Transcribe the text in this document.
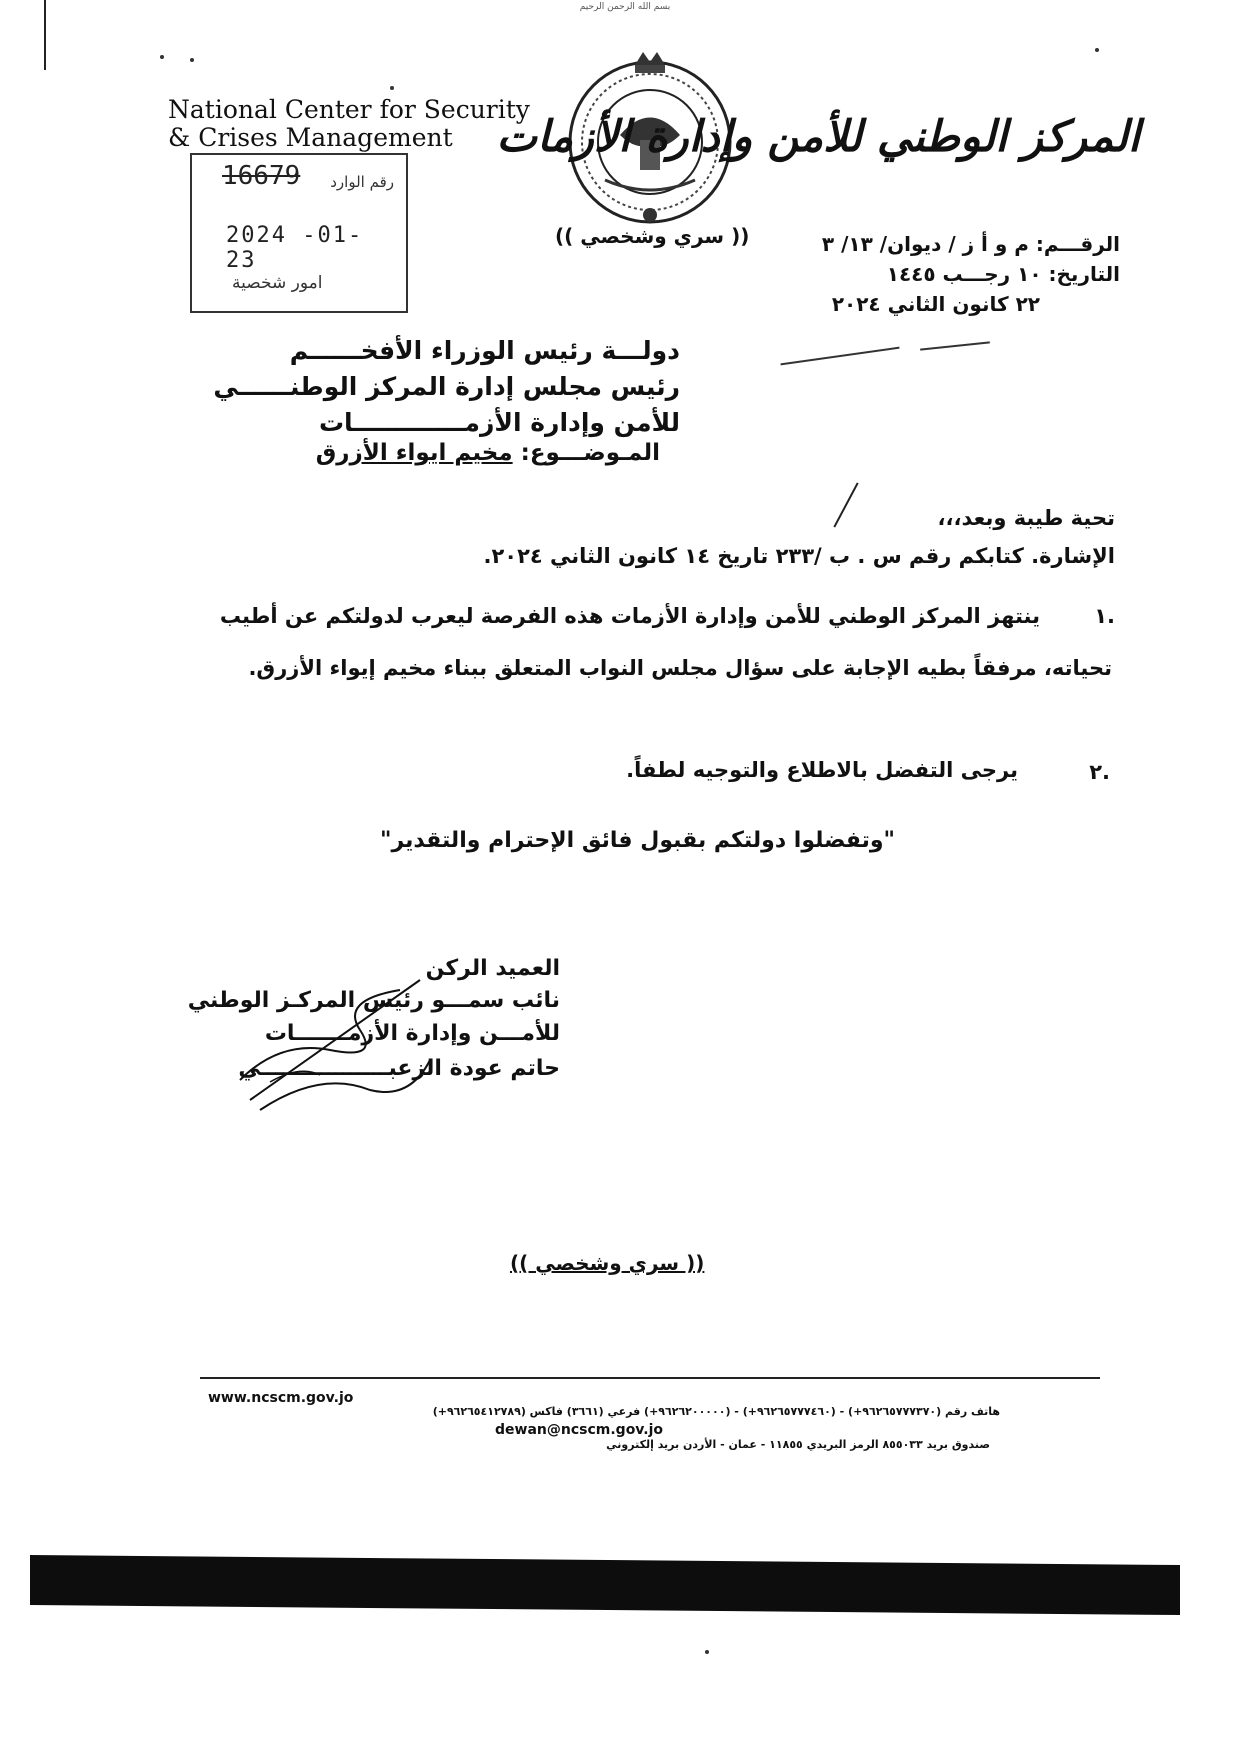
بسم الله الرحمن الرحيم
National Center for Security
& Crises Management	المركز الوطني للأمن وإدارة الأزمات
(( سري وشخصي ))
16679 رقم الوارد
2024 -01- 23
امور شخصية
الرقـــم: م و أ ز / ديوان/ ١٣/ ٣
التاريخ: ١٠ رجـــب ١٤٤٥
٢٢ كانون الثاني ٢٠٢٤
دولـــة رئيس الوزراء الأفخــــــم
رئيس مجلس إدارة المركز الوطنــــــي
للأمن وإدارة الأزمـــــــــــــات
المـوضـــوع: مخيم ايواء الأزرق
تحية طيبة وبعد،،،
الإشارة. كتابكم رقم س . ب /٢٣٣ تاريخ ١٤ كانون الثاني ٢٠٢٤.
١.
ينتهز المركز الوطني للأمن وإدارة الأزمات هذه الفرصة ليعرب لدولتكم عن أطيب
تحياته، مرفقاً بطيه الإجابة على سؤال مجلس النواب المتعلق ببناء مخيم إيواء الأزرق.
٢.
يرجى التفضل بالاطلاع والتوجيه لطفاً.
"وتفضلوا دولتكم بقبول فائق الإحترام والتقدير"
العميد الركن
نائب سمـــو رئيس المركـز الوطني
للأمـــن وإدارة الأزمـــــــات
حاتم عودة الزعبـــــــــــــــــي
(( سري وشخصي ))
www.ncscm.gov.jo
هاتف رقم (٩٦٢٦٥٧٧٧٣٧٠+) - (٩٦٢٦٥٧٧٧٤٦٠+) - (٩٦٢٦٢٠٠٠٠٠+) فرعي (٣٦٦١) فاكس (٩٦٢٦٥٤١٢٧٨٩+)
dewan@ncscm.gov.jo
صندوق بريد ٨٥٥٠٣٣ الرمز البريدي ١١٨٥٥ - عمان - الأردن بريد إلكتروني
